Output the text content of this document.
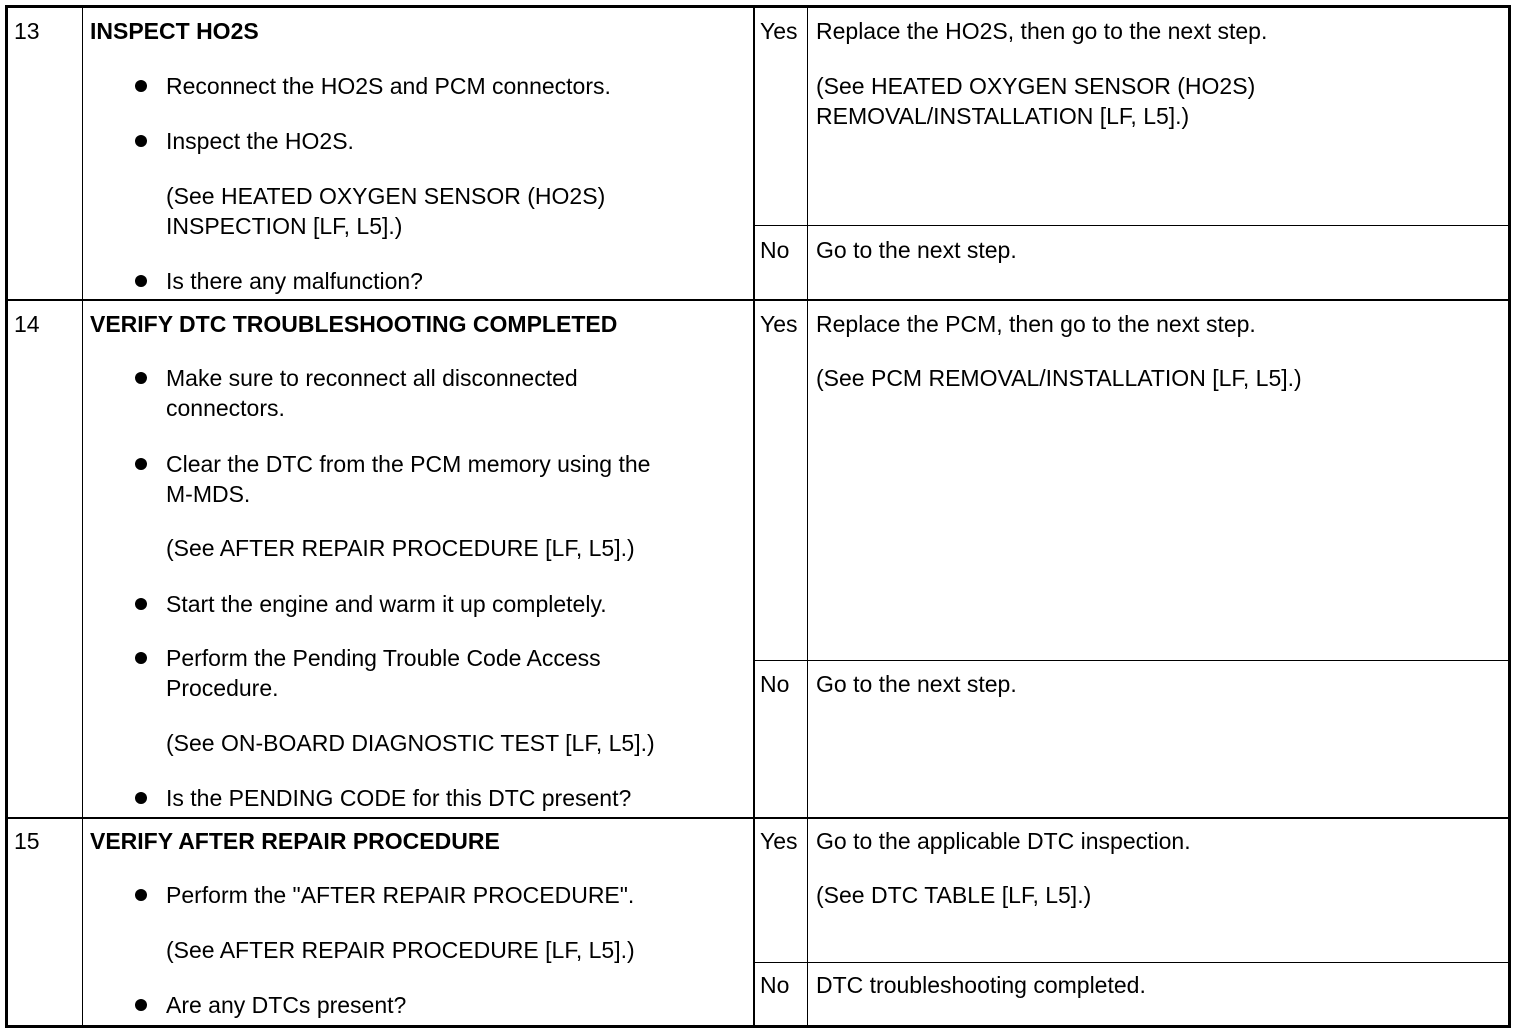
13 INSPECT HO2S
Reconnect the HO2S and PCM connectors.
Inspect the HO2S.
(See HEATED OXYGEN SENSOR (HO2S)
INSPECTION [LF, L5].)
Is there any malfunction?
Yes Replace the HO2S, then go to the next step.
(See HEATED OXYGEN SENSOR (HO2S)
REMOVAL/INSTALLATION [LF, L5].)
No Go to the next step.
14 VERIFY DTC TROUBLESHOOTING COMPLETED
Make sure to reconnect all disconnected
connectors.
Clear the DTC from the PCM memory using the
M-MDS.
(See AFTER REPAIR PROCEDURE [LF, L5].)
Start the engine and warm it up completely.
Perform the Pending Trouble Code Access
Procedure.
(See ON-BOARD DIAGNOSTIC TEST [LF, L5].)
Is the PENDING CODE for this DTC present?
Yes Replace the PCM, then go to the next step.
(See PCM REMOVAL/INSTALLATION [LF, L5].)
No Go to the next step.
15 VERIFY AFTER REPAIR PROCEDURE
Perform the "AFTER REPAIR PROCEDURE".
(See AFTER REPAIR PROCEDURE [LF, L5].)
Are any DTCs present?
Yes Go to the applicable DTC inspection.
(See DTC TABLE [LF, L5].)
No DTC troubleshooting completed.
